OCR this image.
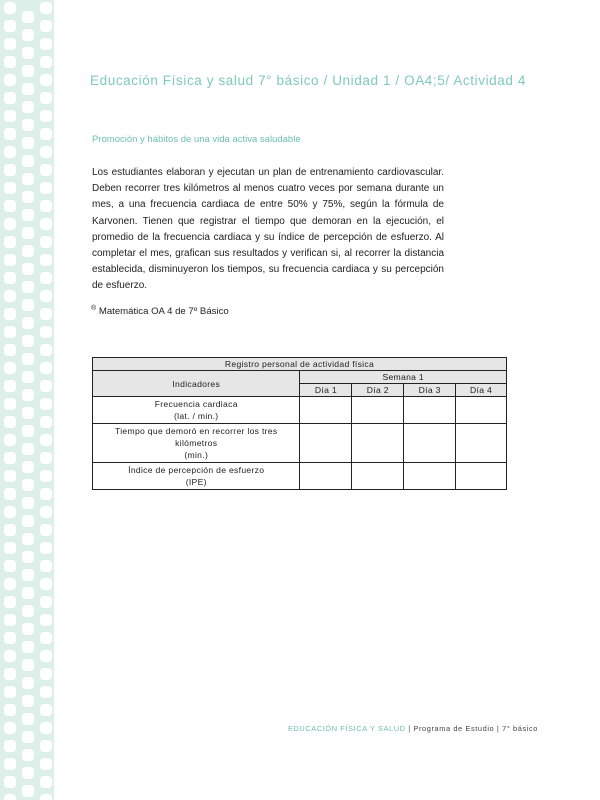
Educación Física y salud 7° básico / Unidad 1 / OA4;5/ Actividad 4
Promoción y hábitos de una vida activa saludable
Los estudiantes elaboran y ejecutan un plan de entrenamiento cardiovascular. Deben recorrer tres kilómetros al menos cuatro veces por semana durante un mes, a una frecuencia cardiaca de entre 50% y 75%, según la fórmula de Karvonen. Tienen que registrar el tiempo que demoran en la ejecución, el promedio de la frecuencia cardiaca y su índice de percepción de esfuerzo. Al completar el mes, grafican sus resultados y verifican si, al recorrer la distancia establecida, disminuyeron los tiempos, su frecuencia cardiaca y su percepción de esfuerzo.
® Matemática OA 4 de 7º Básico
Registro personal de actividad física				
Indicadores	Semana 1			
	Día 1	Día 2	Día 3	Día 4

Frecuencia cardiaca
(lat. / min.)				

Tiempo que demoró en recorrer los tres
kilómetros
(min.)				

Índice de percepción de esfuerzo
(IPE)				

EDUCACIÓN FÍSICA Y SALUD | Programa de Estudio | 7° básico
